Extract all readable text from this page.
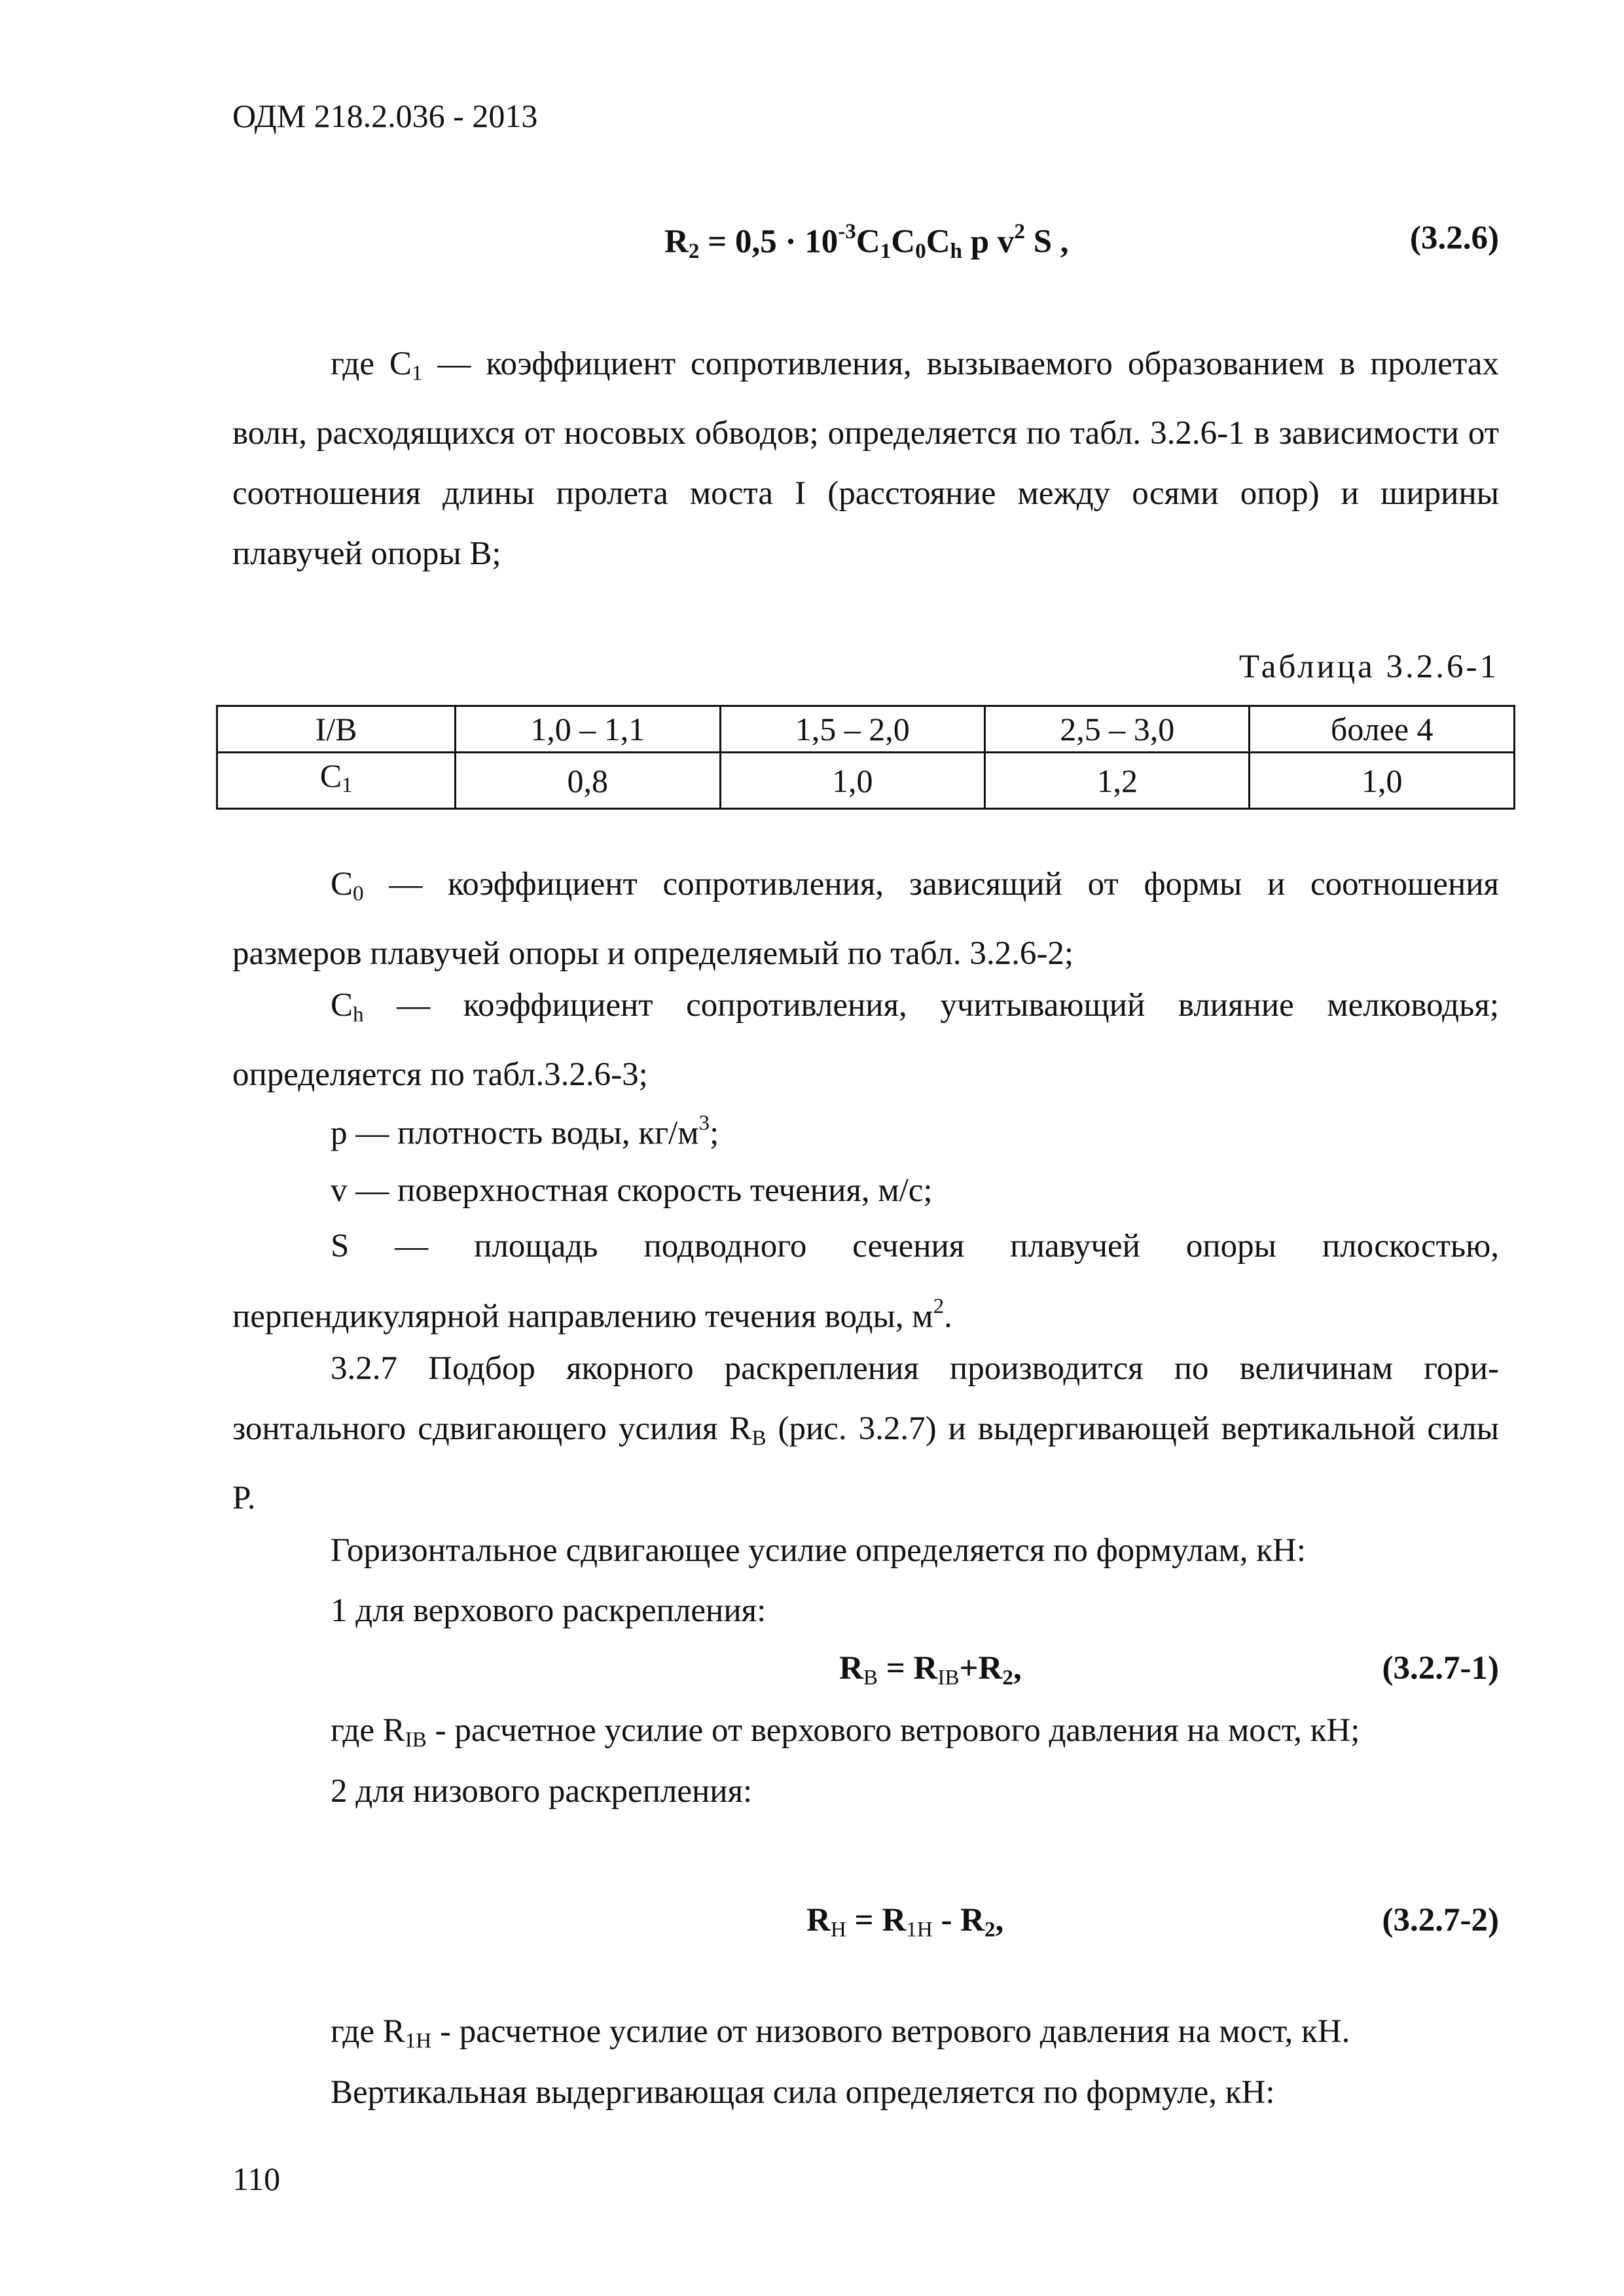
ОДМ 218.2.036 - 2013
$R_2 = 0,5 \cdot 10^{-3}C_1C_0C_h$ p $v^2$ S ,	(3.2.6)
где $C_1$ — коэффициент сопротивления, вызываемого образованием в пролетах волн, расходящихся от носовых обводов; определяется по табл. 3.2.6-1 в зависимости от соотношения длины пролета моста I (расстояние между осями опор) и ширины плавучей опоры B;
Таблица 3.2.6-1
I/B	1,0 – 1,1	1,5 – 2,0	2,5 – 3,0	более 4
$C_1$	0,8	1,0	1,2	1,0
$C_0$ — коэффициент сопротивления, зависящий от формы и соотношения размеров плавучей опоры и определяемый по табл. 3.2.6-2;
$C_h$ — коэффициент сопротивления, учитывающий влияние мелководья; определяется по табл.3.2.6-3;
p — плотность воды, $кг/м^3$;
v — поверхностная скорость течения, м/с;
S — площадь подводного сечения плавучей опоры плоскостью, перпендикулярной направлению течения воды, $м^2$.
3.2.7 Подбор якорного раскрепления производится по величинам гори-зонтального сдвигающего усилия $R_B$ (рис. 3.2.7) и выдергивающей вертикальной силы P.
Горизонтальное сдвигающее усилие определяется по формулам, кН:
1 для верхового раскрепления:
$R_B = R_{IB}+R_2$,	(3.2.7-1)
где $R_{IB}$ - расчетное усилие от верхового ветрового давления на мост, кН;
2 для низового раскрепления:
$R_H = R_{1H} - R_2$,	(3.2.7-2)
где $R_{1H}$ - расчетное усилие от низового ветрового давления на мост, кН.
Вертикальная выдергивающая сила определяется по формуле, кН:
110
